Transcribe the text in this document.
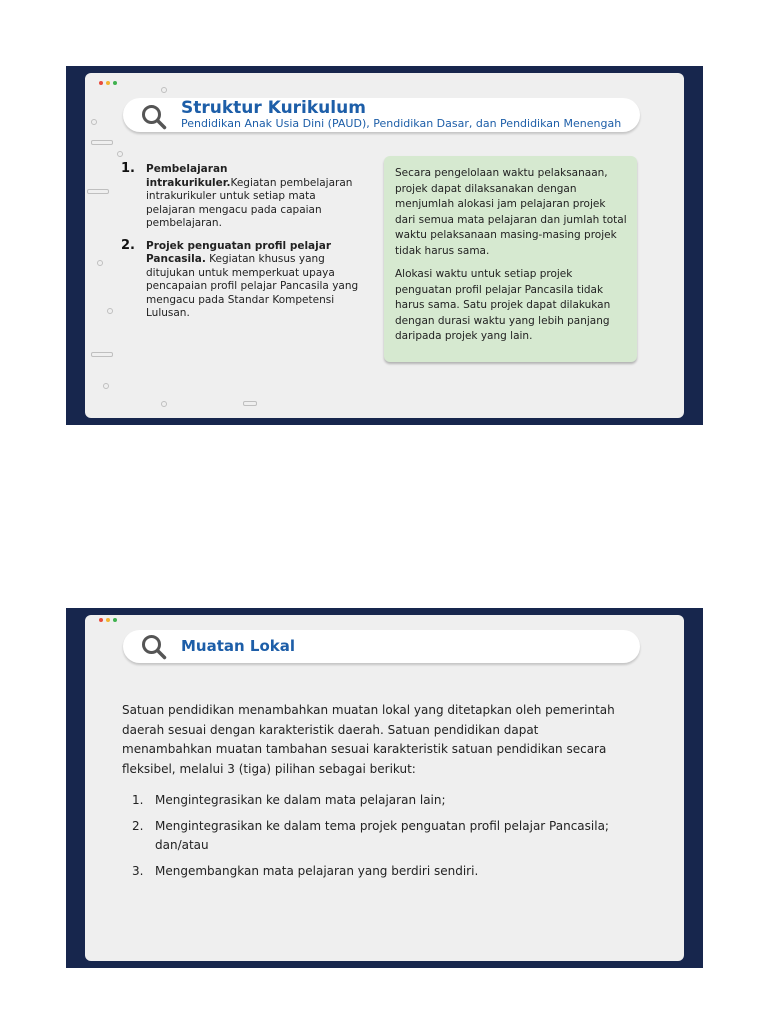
Struktur Kurikulum
Pendidikan Anak Usia Dini (PAUD), Pendidikan Dasar, dan Pendidikan Menengah
1. Pembelajaran intrakurikuler.Kegiatan pembelajaran intrakurikuler untuk setiap mata pelajaran mengacu pada capaian pembelajaran.
2. Projek penguatan profil pelajar Pancasila. Kegiatan khusus yang ditujukan untuk memperkuat upaya pencapaian profil pelajar Pancasila yang mengacu pada Standar Kompetensi Lulusan.

Secara pengelolaan waktu pelaksanaan, projek dapat dilaksanakan dengan menjumlah alokasi jam pelajaran projek dari semua mata pelajaran dan jumlah total waktu pelaksanaan masing-masing projek tidak harus sama.

Alokasi waktu untuk setiap projek penguatan profil pelajar Pancasila tidak harus sama. Satu projek dapat dilakukan dengan durasi waktu yang lebih panjang daripada projek yang lain.

Muatan Lokal

Satuan pendidikan menambahkan muatan lokal yang ditetapkan oleh pemerintah daerah sesuai dengan karakteristik daerah. Satuan pendidikan dapat menambahkan muatan tambahan sesuai karakteristik satuan pendidikan secara fleksibel, melalui 3 (tiga) pilihan sebagai berikut:

1. Mengintegrasikan ke dalam mata pelajaran lain;
2. Mengintegrasikan ke dalam tema projek penguatan profil pelajar Pancasila; dan/atau
3. Mengembangkan mata pelajaran yang berdiri sendiri.
